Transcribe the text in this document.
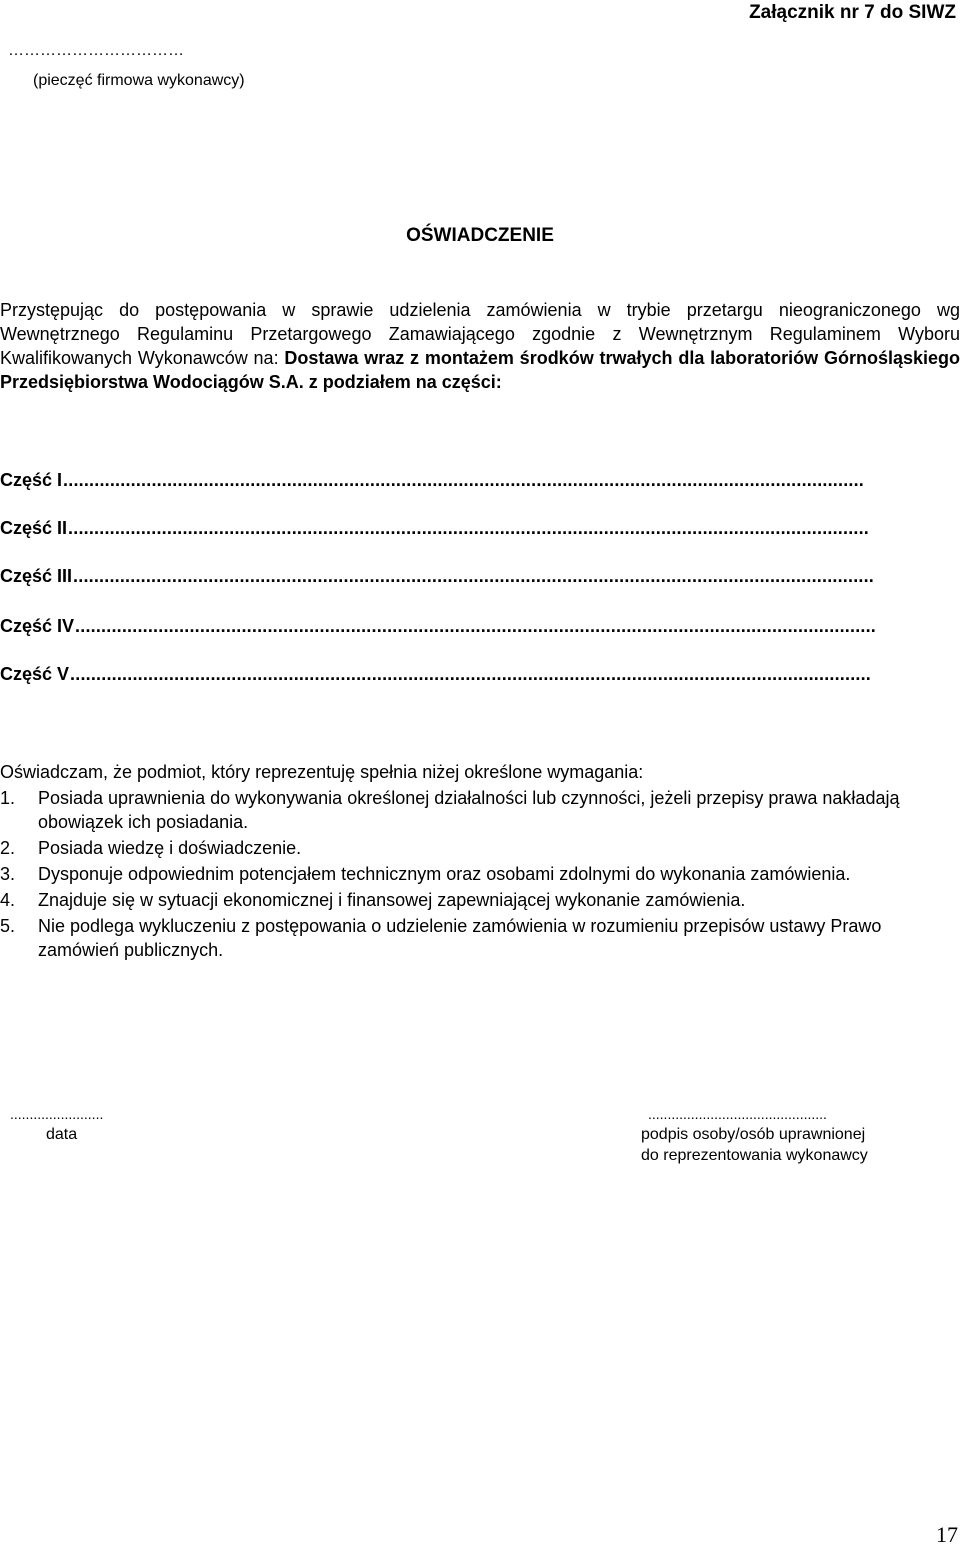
Załącznik nr 7 do SIWZ
……………………………
(pieczęć firmowa wykonawcy)
OŚWIADCZENIE
Przystępując do postępowania w sprawie udzielenia zamówienia w trybie przetargu nieograniczonego wg Wewnętrznego Regulaminu Przetargowego Zamawiającego zgodnie z Wewnętrznym Regulaminem Wyboru Kwalifikowanych Wykonawców na: Dostawa wraz z montażem środków trwałych dla laboratoriów Górnośląskiego Przedsiębiorstwa Wodociągów S.A. z podziałem na części:
Część I..........................................................................................................................................................
Część II..........................................................................................................................................................
Część III..........................................................................................................................................................
Część IV..........................................................................................................................................................
Część V..........................................................................................................................................................
Oświadczam, że podmiot, który reprezentuję spełnia niżej określone wymagania:
1. Posiada uprawnienia do wykonywania określonej działalności lub czynności, jeżeli przepisy prawa nakładają obowiązek ich posiadania.
2. Posiada wiedzę i doświadczenie.
3. Dysponuje odpowiednim potencjałem technicznym oraz osobami zdolnymi do wykonania zamówienia.
4. Znajduje się w sytuacji ekonomicznej i finansowej zapewniającej wykonanie zamówienia.
5. Nie podlega wykluczeniu z postępowania o udzielenie zamówienia w rozumieniu przepisów ustawy Prawo zamówień publicznych.
........................
data
..............................................
podpis osoby/osób uprawnionej
do reprezentowania wykonawcy
17
